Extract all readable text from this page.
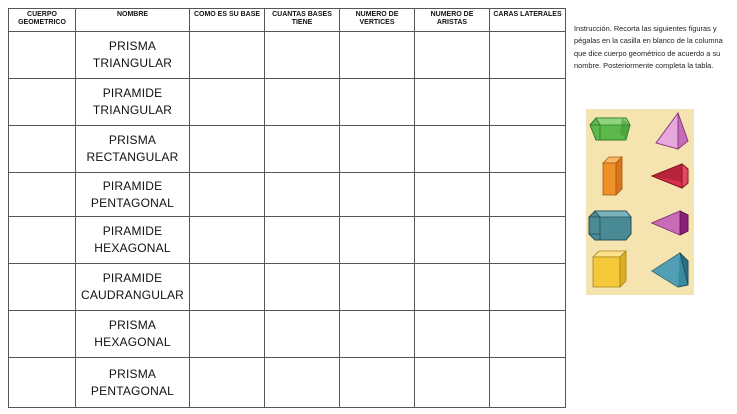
CUERPO GEOMETRICO	NOMBRE	COMO ES SU BASE	CUANTAS BASES TIENE	NUMERO DE VERTICES	NUMERO DE ARISTAS	CARAS LATERALES
	PRISMA
TRIANGULAR					
	PIRAMIDE
TRIANGULAR					
	PRISMA
RECTANGULAR					
	PIRAMIDE
PENTAGONAL					
	PIRAMIDE
HEXAGONAL					
	PIRAMIDE
CAUDRANGULAR					
	PRISMA
HEXAGONAL					
	PRISMA
PENTAGONAL					
Instrucción. Recorta las siguientes figuras y pégalas en la casilla en blanco de la columna que dice cuerpo geométrico de acuerdo a su nombre. Posteriormente completa la tabla.
